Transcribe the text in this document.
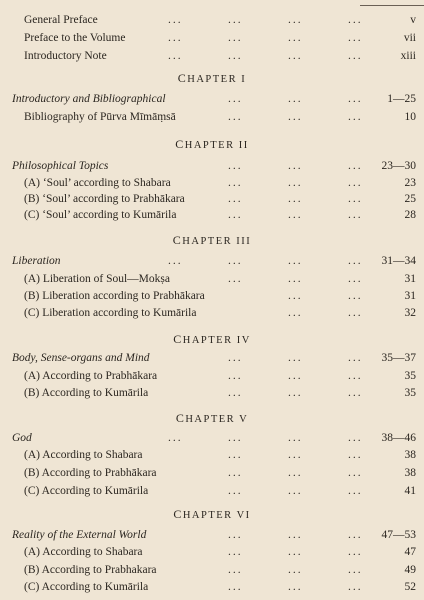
General Preface	...	...	...	...	v
Preface to the Volume	...	...	...	...	vii
Introductory Note	...	...	...	...	xiii
CHAPTER I
Introductory and Bibliographical	...	...	... 1—25
Bibliography of Pūrva Mīmāṃsā	...	...	...	10
CHAPTER II
Philosophical Topics	...	...	... 23—30
(A) ‘Soul’ according to Shabara	...	...	...	23
(B) ‘Soul’ according to Prabhākara	...	...	...	25
(C) ‘Soul’ according to Kumārila	...	...	...	28
CHAPTER III
Liberation	...	...	...	... 31—34
(A) Liberation of Soul—Mokṣa	...	...	...	31
(B) Liberation according to Prabhākara	...	...	31
(C) Liberation according to Kumārila	...	...	32
CHAPTER IV
Body, Sense-organs and Mind	...	...	... 35—37
(A) According to Prabhākara	...	...	...	35
(B) According to Kumārila	...	...	...	35
CHAPTER V
God	...	...	...	... 38—46
(A) According to Shabara	...	...	...	38
(B) According to Prabhākara	...	...	...	38
(C) According to Kumārila	...	...	...	41
CHAPTER VI
Reality of the External World	...	...	... 47—53
(A) According to Shabara	...	...	...	47
(B) According to Prabhakara	...	...	...	49
(C) According to Kumārila	...	...	...	52
